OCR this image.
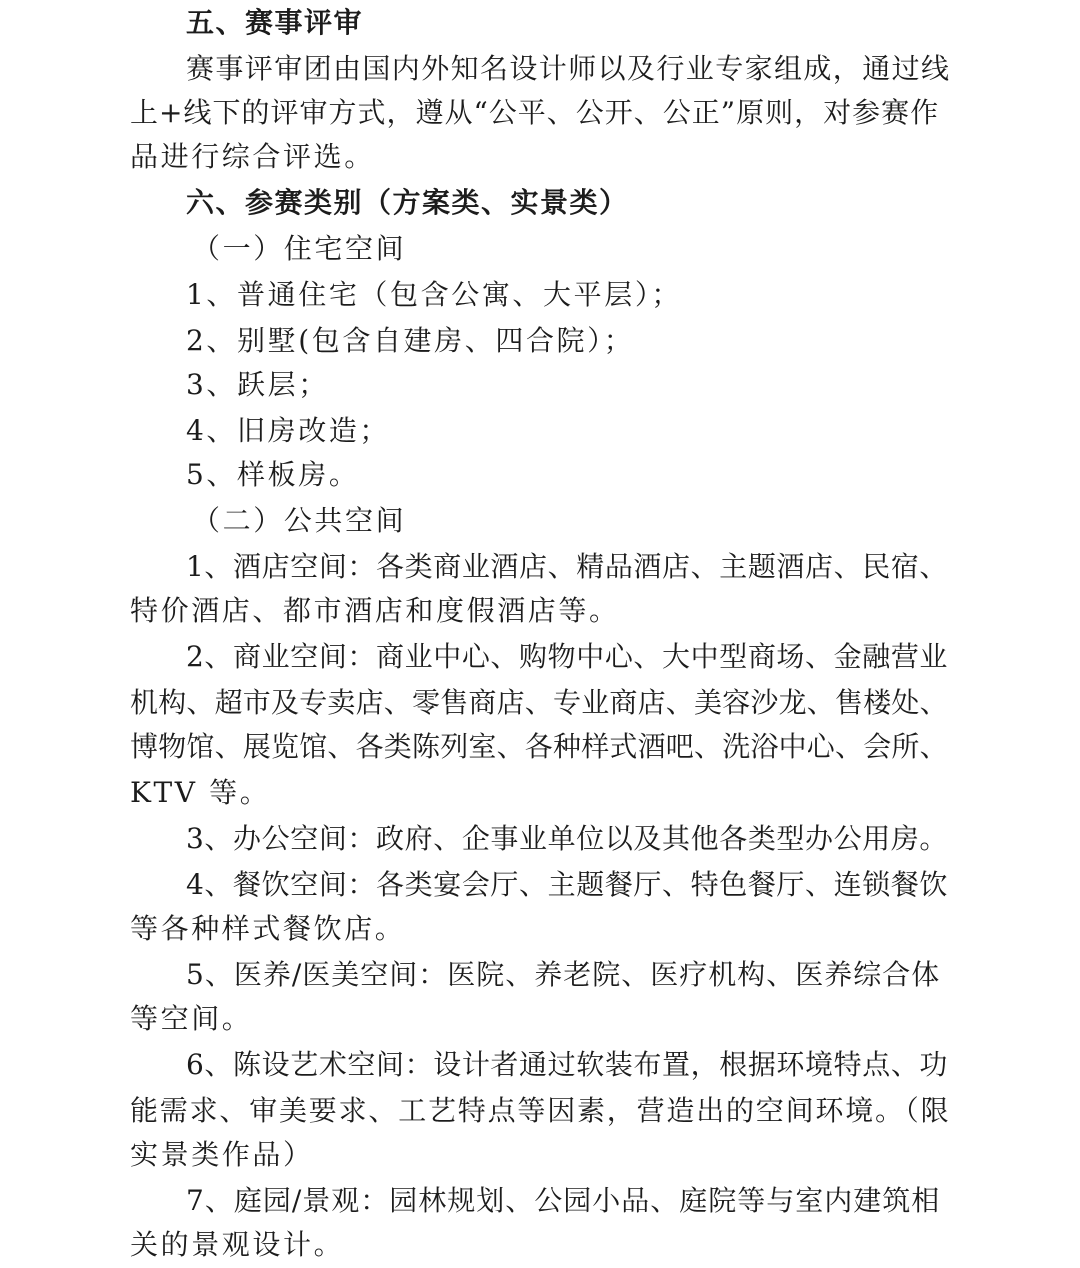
五、赛事评审
赛事评审团由国内外知名设计师以及行业专家组成，通过线
上+线下的评审方式，遵从“公平、公开、公正”原则，对参赛作
品进行综合评选。
六、参赛类别（方案类、实景类）
（一）住宅空间
1、普通住宅（包含公寓、大平层）；
2、别墅(包含自建房、四合院）；
3、跃层；
4、旧房改造；
5、样板房。
（二）公共空间
1、酒店空间：各类商业酒店、精品酒店、主题酒店、民宿、
特价酒店、都市酒店和度假酒店等。
2、商业空间：商业中心、购物中心、大中型商场、金融营业
机构、超市及专卖店、零售商店、专业商店、美容沙龙、售楼处、
博物馆、展览馆、各类陈列室、各种样式酒吧、洗浴中心、会所、
KTV 等。
3、办公空间：政府、企事业单位以及其他各类型办公用房。
4、餐饮空间：各类宴会厅、主题餐厅、特色餐厅、连锁餐饮
等各种样式餐饮店。
5、医养/医美空间：医院、养老院、医疗机构、医养综合体
等空间。
6、陈设艺术空间：设计者通过软装布置，根据环境特点、功
能需求、审美要求、工艺特点等因素，营造出的空间环境。（限
实景类作品）
7、庭园/景观：园林规划、公园小品、庭院等与室内建筑相
关的景观设计。
